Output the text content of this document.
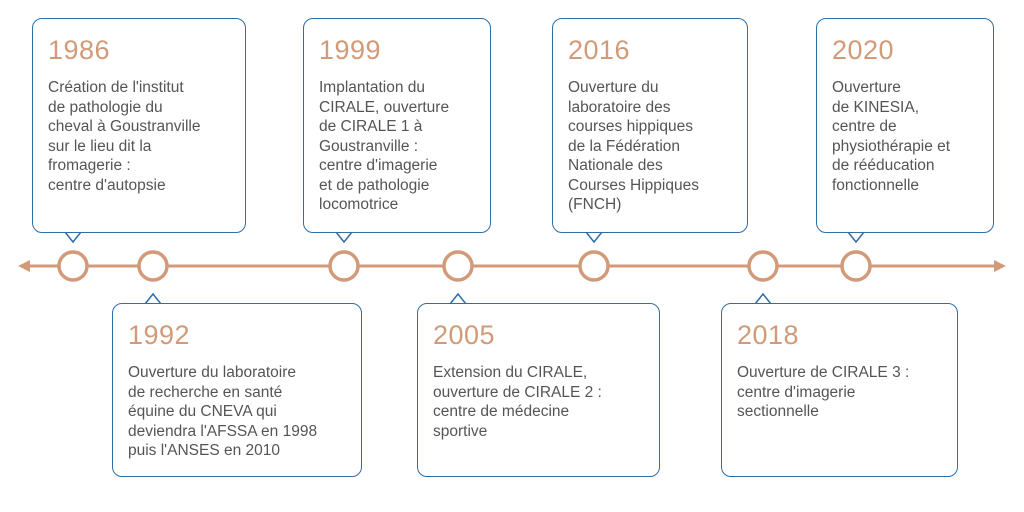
1986
Création de l'institut
de pathologie du
cheval à Goustranville
sur le lieu dit la
fromagerie :
centre d'autopsie
1999
Implantation du
CIRALE, ouverture
de CIRALE 1 à
Goustranville :
centre d'imagerie
et de pathologie
locomotrice
2016
Ouverture du
laboratoire des
courses hippiques
de la Fédération
Nationale des
Courses Hippiques
(FNCH)
2020
Ouverture
de KINESIA,
centre de
physiothérapie et
de rééducation
fonctionnelle
1992
Ouverture du laboratoire
de recherche en santé
équine du CNEVA qui
deviendra l'AFSSA en 1998
puis l'ANSES en 2010
2005
Extension du CIRALE,
ouverture de CIRALE 2 :
centre de médecine
sportive
2018
Ouverture de CIRALE 3 :
centre d'imagerie
sectionnelle
